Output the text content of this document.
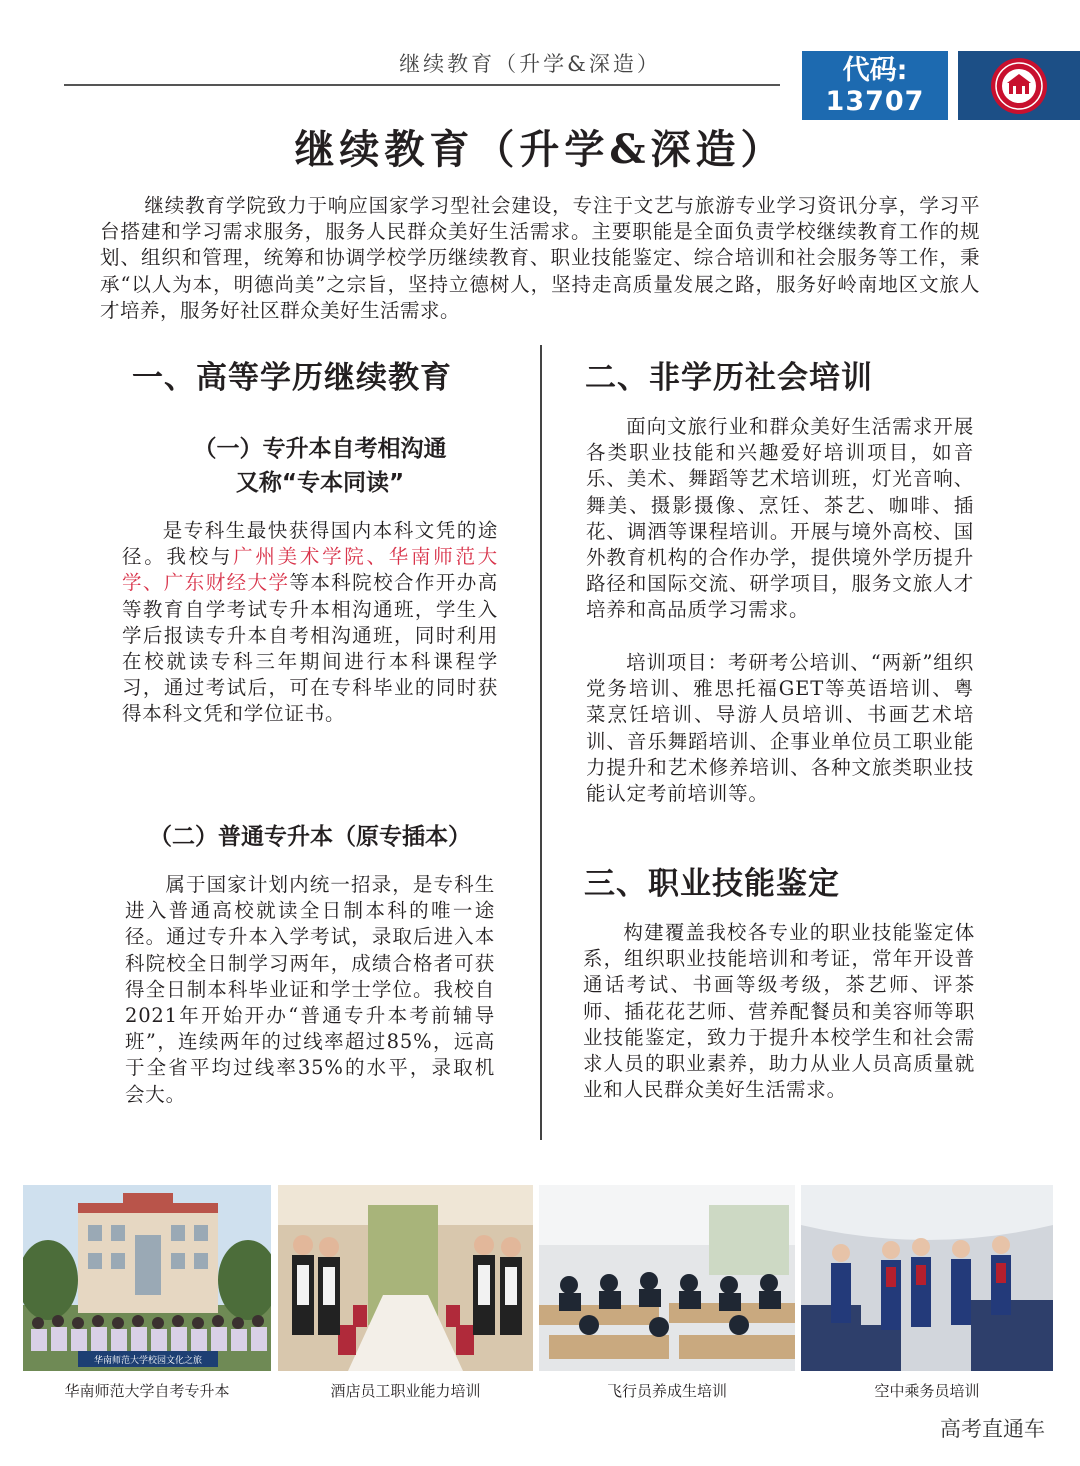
继续教育（升学&深造）	代码:
13707
继续教育（升学&深造）

继续教育学院致力于响应国家学习型社会建设，专注于文艺与旅游专业学习资讯分享，学习平台搭建和学习需求服务，服务人民群众美好生活需求。主要职能是全面负责学校继续教育工作的规划、组织和管理，统筹和协调学校学历继续教育、职业技能鉴定、综合培训和社会服务等工作，秉承“以人为本，明德尚美”之宗旨，坚持立德树人，坚持走高质量发展之路，服务好岭南地区文旅人才培养，服务好社区群众美好生活需求。

一、高等学历继续教育
（一）专升本自考相沟通
又称“专本同读”

是专科生最快获得国内本科文凭的途径。我校与广州美术学院、华南师范大学、广东财经大学等本科院校合作开办高等教育自学考试专升本相沟通班，学生入学后报读专升本自考相沟通班，同时利用在校就读专科三年期间进行本科课程学习，通过考试后，可在专科毕业的同时获得本科文凭和学位证书。

（二）普通专升本（原专插本）

属于国家计划内统一招录，是专科生进入普通高校就读全日制本科的唯一途径。通过专升本入学考试，录取后进入本科院校全日制学习两年，成绩合格者可获得全日制本科毕业证和学士学位。我校自2021年开始开办“普通专升本考前辅导班”，连续两年的过线率超过85%，远高于全省平均过线率35%的水平，录取机会大。

二、非学历社会培训

面向文旅行业和群众美好生活需求开展各类职业技能和兴趣爱好培训项目，如音乐、美术、舞蹈等艺术培训班，灯光音响、舞美、摄影摄像、烹饪、茶艺、咖啡、插花、调酒等课程培训。开展与境外高校、国外教育机构的合作办学，提供境外学历提升路径和国际交流、研学项目，服务文旅人才培养和高品质学习需求。

培训项目：考研考公培训、“两新”组织党务培训、雅思托福GET等英语培训、粤菜烹饪培训、导游人员培训、书画艺术培训、音乐舞蹈培训、企事业单位员工职业能力提升和艺术修养培训、各种文旅类职业技能认定考前培训等。

三、职业技能鉴定

构建覆盖我校各专业的职业技能鉴定体系，组织职业技能培训和考证，常年开设普通话考试、书画等级考级，茶艺师、评茶师、插花花艺师、营养配餐员和美容师等职业技能鉴定，致力于提升本校学生和社会需求人员的职业素养，助力从业人员高质量就业和人民群众美好生活需求。

华南师范大学校园文化之旅
华南师范大学自考专升本	酒店员工职业能力培训	飞行员养成生培训	空中乘务员培训
高考直通车
